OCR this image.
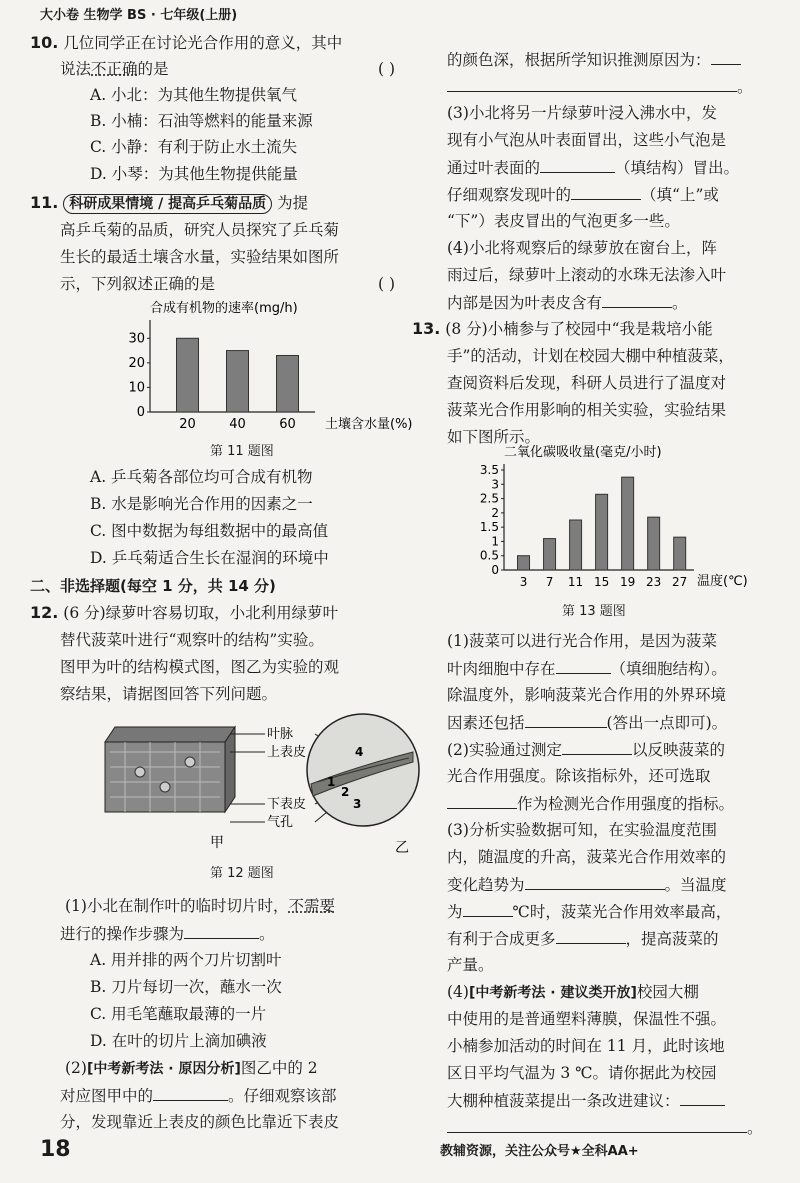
大小卷 生物学 BS · 七年级(上册)
10. 几位同学正在讨论光合作用的意义，其中
说法不正确的是	( )
A. 小北：为其他生物提供氧气
B. 小楠：石油等燃料的能量来源
C. 小静：有利于防止水土流失
D. 小琴：为其他生物提供能量
11. 科研成果情境 / 提高乒乓菊品质 为提
高乒乓菊的品质，研究人员探究了乒乓菊
生长的最适土壤含水量，实验结果如图所
示，下列叙述正确的是	( )
合成有机物的速率(mg/h)
土壤含水量(%)
0
10
20
30
20	40	60
第 11 题图
A. 乒乓菊各部位均可合成有机物
B. 水是影响光合作用的因素之一
C. 图中数据为每组数据中的最高值
D. 乒乓菊适合生长在湿润的环境中
二、非选择题(每空 1 分，共 14 分)
12. (6 分)绿萝叶容易切取，小北利用绿萝叶
替代菠菜叶进行“观察叶的结构”实验。
图甲为叶的结构模式图，图乙为实验的观
察结果，请据图回答下列问题。
叶脉
上表皮
下表皮
气孔
1
2
3
4
甲	乙
第 12 题图
(1)小北在制作叶的临时切片时，不需要
进行的操作步骤为	。
A. 用并排的两个刀片切割叶
B. 刀片每切一次，蘸水一次
C. 用毛笔蘸取最薄的一片
D. 在叶的切片上滴加碘液
(2)[中考新考法 · 原因分析]图乙中的 2
对应图甲中的	。仔细观察该部
分，发现靠近上表皮的颜色比靠近下表皮
的颜色深，根据所学知识推测原因为：
。
(3)小北将另一片绿萝叶浸入沸水中，发
现有小气泡从叶表面冒出，这些小气泡是
通过叶表面的	（填结构）冒出。
仔细观察发现叶的	（填“上”或
“下”）表皮冒出的气泡更多一些。
(4)小北将观察后的绿萝放在窗台上，阵
雨过后，绿萝叶上滚动的水珠无法渗入叶
内部是因为叶表皮含有	。
13. (8 分)小楠参与了校园中“我是栽培小能
手”的活动，计划在校园大棚中种植菠菜，
查阅资料后发现，科研人员进行了温度对
菠菜光合作用影响的相关实验，实验结果
如下图所示。
二氧化碳吸收量(毫克/小时)
温度(℃)
0
0.5
1
1.5
2
2.5
3
3.5
3 7 11 15 19 23 27
第 13 题图
(1)菠菜可以进行光合作用，是因为菠菜
叶肉细胞中存在	（填细胞结构）。
除温度外，影响菠菜光合作用的外界环境
因素还包括	(答出一点即可)。
(2)实验通过测定	以反映菠菜的
光合作用强度。除该指标外，还可选取
作为检测光合作用强度的指标。
(3)分析实验数据可知，在实验温度范围
内，随温度的升高，菠菜光合作用效率的
变化趋势为	。当温度
为	℃时，菠菜光合作用效率最高，
有利于合成更多	，提高菠菜的
产量。
(4)[中考新考法 · 建议类开放]校园大棚
中使用的是普通塑料薄膜，保温性不强。
小楠参加活动的时间在 11 月，此时该地
区日平均气温为 3 ℃。请你据此为校园
大棚种植菠菜提出一条改进建议：
。
18	教辅资源，关注公众号★全科AA+
